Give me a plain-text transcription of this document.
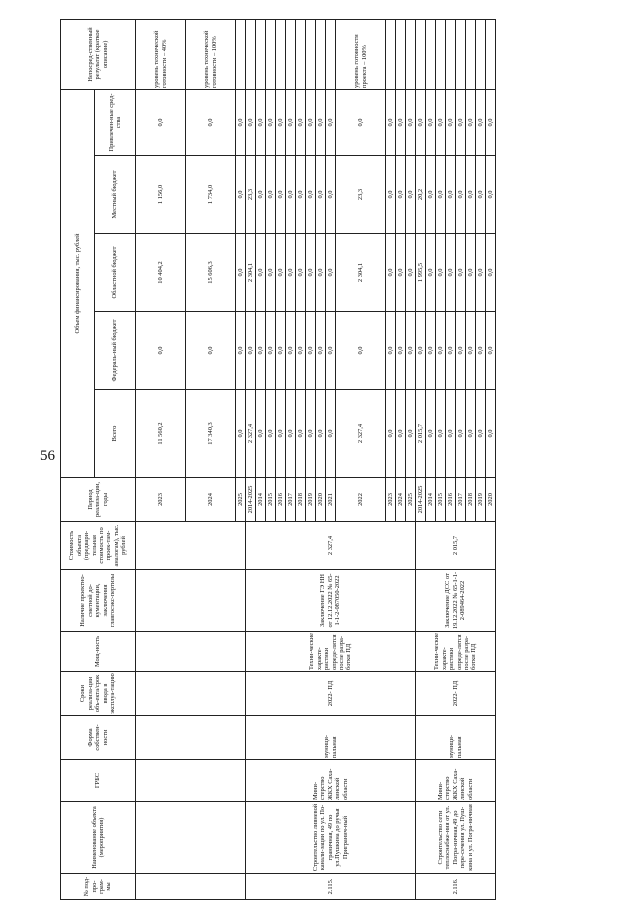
56
№ под-про-грам-мы	Наименование объекта (мероприятия)	ГРБС	Форма собствен-ности	Сроки реализа-ции объ-екта/срок ввода в эксплуа-тацию	Мощ-ность	Наличие проектно-сметной до-кументации, заключения главгосэкс-пертизы	Стоимость объекта (предвари-тельная стоимость по проек-там-аналогам), тыс. рублей	Период реализа-ции, годы	Объем финансирования, тыс. рублей					Непосред-ственный результат (краткое описание)
									Всего	Федераль-ный бюджет	Областной бюджет	Местный бюджет	Привлечен-ные сред-ства	
								2023	11 560,2	0,0	10 404,2	1 156,0	0,0	уровень технической готовности – 40%
								2024	17 340,3	0,0	15 606,3	1 734,0	0,0	уровень технической готовности – 100%
								2025	0,0	0,0	0,0	0,0	0,0	
2.115.	Строительство ливневой канали-зации по ул. По-граничная, 49 по ул.Пушкина до ручья Пригранич-ный	Мини-стерство ЖКХ Саха-линской области	муници-пальная	2022- ПД	Техни-ческие характе-ристики опреде-лятся после разра-ботки ПД	Заключение ГЭ НН от 12.12.2022 № 65-1-1-2-087050-2022	2 327,4	2014-2025	2 327,4	0,0	2 304,1	23,3	0,0	
								2014	0,0	0,0	0,0	0,0	0,0	
								2015	0,0	0,0	0,0	0,0	0,0	
								2016	0,0	0,0	0,0	0,0	0,0	
								2017	0,0	0,0	0,0	0,0	0,0	
								2018	0,0	0,0	0,0	0,0	0,0	
								2019	0,0	0,0	0,0	0,0	0,0	
								2020	0,0	0,0	0,0	0,0	0,0	
								2021	0,0	0,0	0,0	0,0	0,0	
								2022	2 327,4	0,0	2 304,1	23,3	0,0	уровень готовности проекта – 100%
								2023	0,0	0,0	0,0	0,0	0,0	
								2024	0,0	0,0	0,0	0,0	0,0	
								2025	0,0	0,0	0,0	0,0	0,0	
2.116.	Строительство сети теплоснабже-ния от ул. Погра-ничная,49 до пере-сечения ул. Пуш-кина и ул. Погра-ничная	Мини-стерство ЖКХ Саха-линской области	муници-пальная	2022- ПД	Техни-ческие характе-ристики опреде-лятся после разра-ботки ПД	Заключение ДСС от 19.12.2022 № 65-1-1-2-089464-2022	2 015,7	2014-2025	2 015,7	0,0	1 995,5	20,2	0,0	
								2014	0,0	0,0	0,0	0,0	0,0	
								2015	0,0	0,0	0,0	0,0	0,0	
								2016	0,0	0,0	0,0	0,0	0,0	
								2017	0,0	0,0	0,0	0,0	0,0	
								2018	0,0	0,0	0,0	0,0	0,0	
								2019	0,0	0,0	0,0	0,0	0,0	
								2020	0,0	0,0	0,0	0,0	0,0	
